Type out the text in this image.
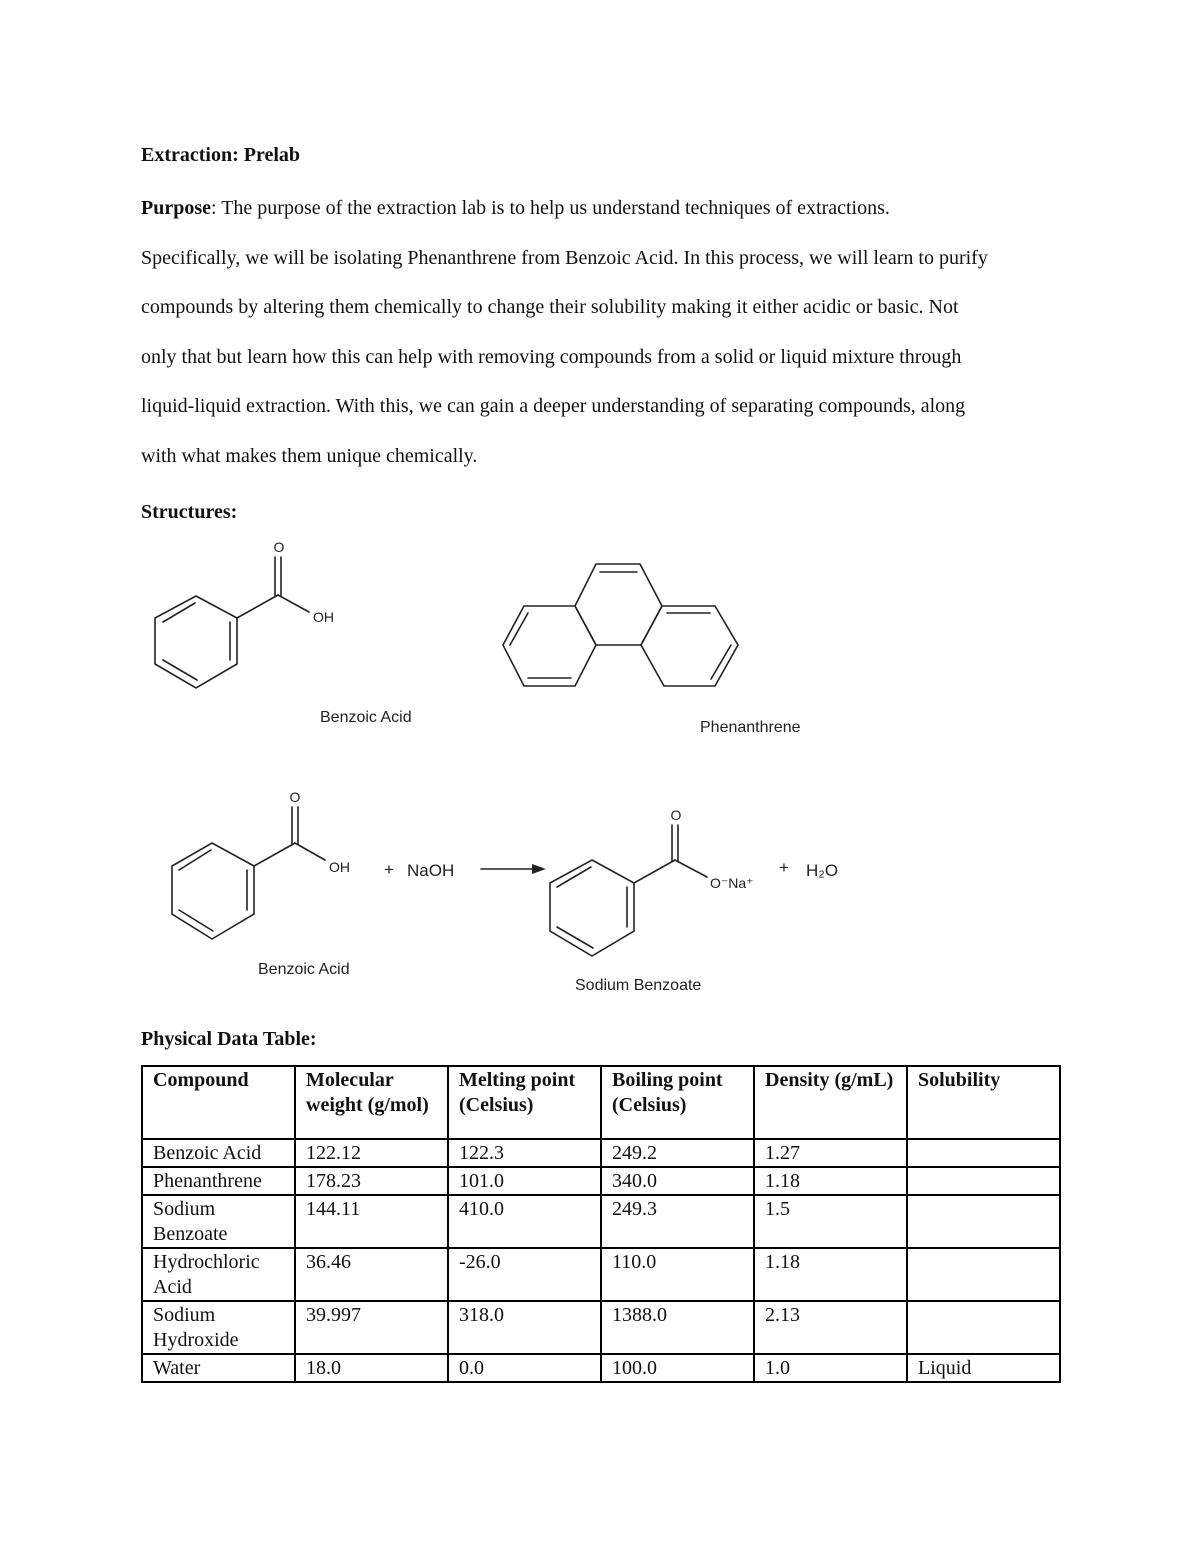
Extraction: Prelab
Purpose: The purpose of the extraction lab is to help us understand techniques of extractions.
Specifically, we will be isolating Phenanthrene from Benzoic Acid. In this process, we will learn to purify
compounds by altering them chemically to change their solubility making it either acidic or basic. Not
only that but learn how this can help with removing compounds from a solid or liquid mixture through
liquid-liquid extraction. With this, we can gain a deeper understanding of separating compounds, along
with what makes them unique chemically.
Structures:
O
OH
O
OH
O
O⁻Na⁺
Benzoic Acid
Phenanthrene
+ NaOH	+ H₂O
Benzoic Acid
Sodium Benzoate
Physical Data Table:
Compound	Molecular weight (g/mol)	Melting point (Celsius)	Boiling point (Celsius)	Density (g/mL)	Solubility
Benzoic Acid	122.12	122.3	249.2	1.27	
Phenanthrene	178.23	101.0	340.0	1.18	
Sodium Benzoate	144.11	410.0	249.3	1.5	
Hydrochloric Acid	36.46	-26.0	110.0	1.18	
Sodium Hydroxide	39.997	318.0	1388.0	2.13	
Water	18.0	0.0	100.0	1.0	Liquid
